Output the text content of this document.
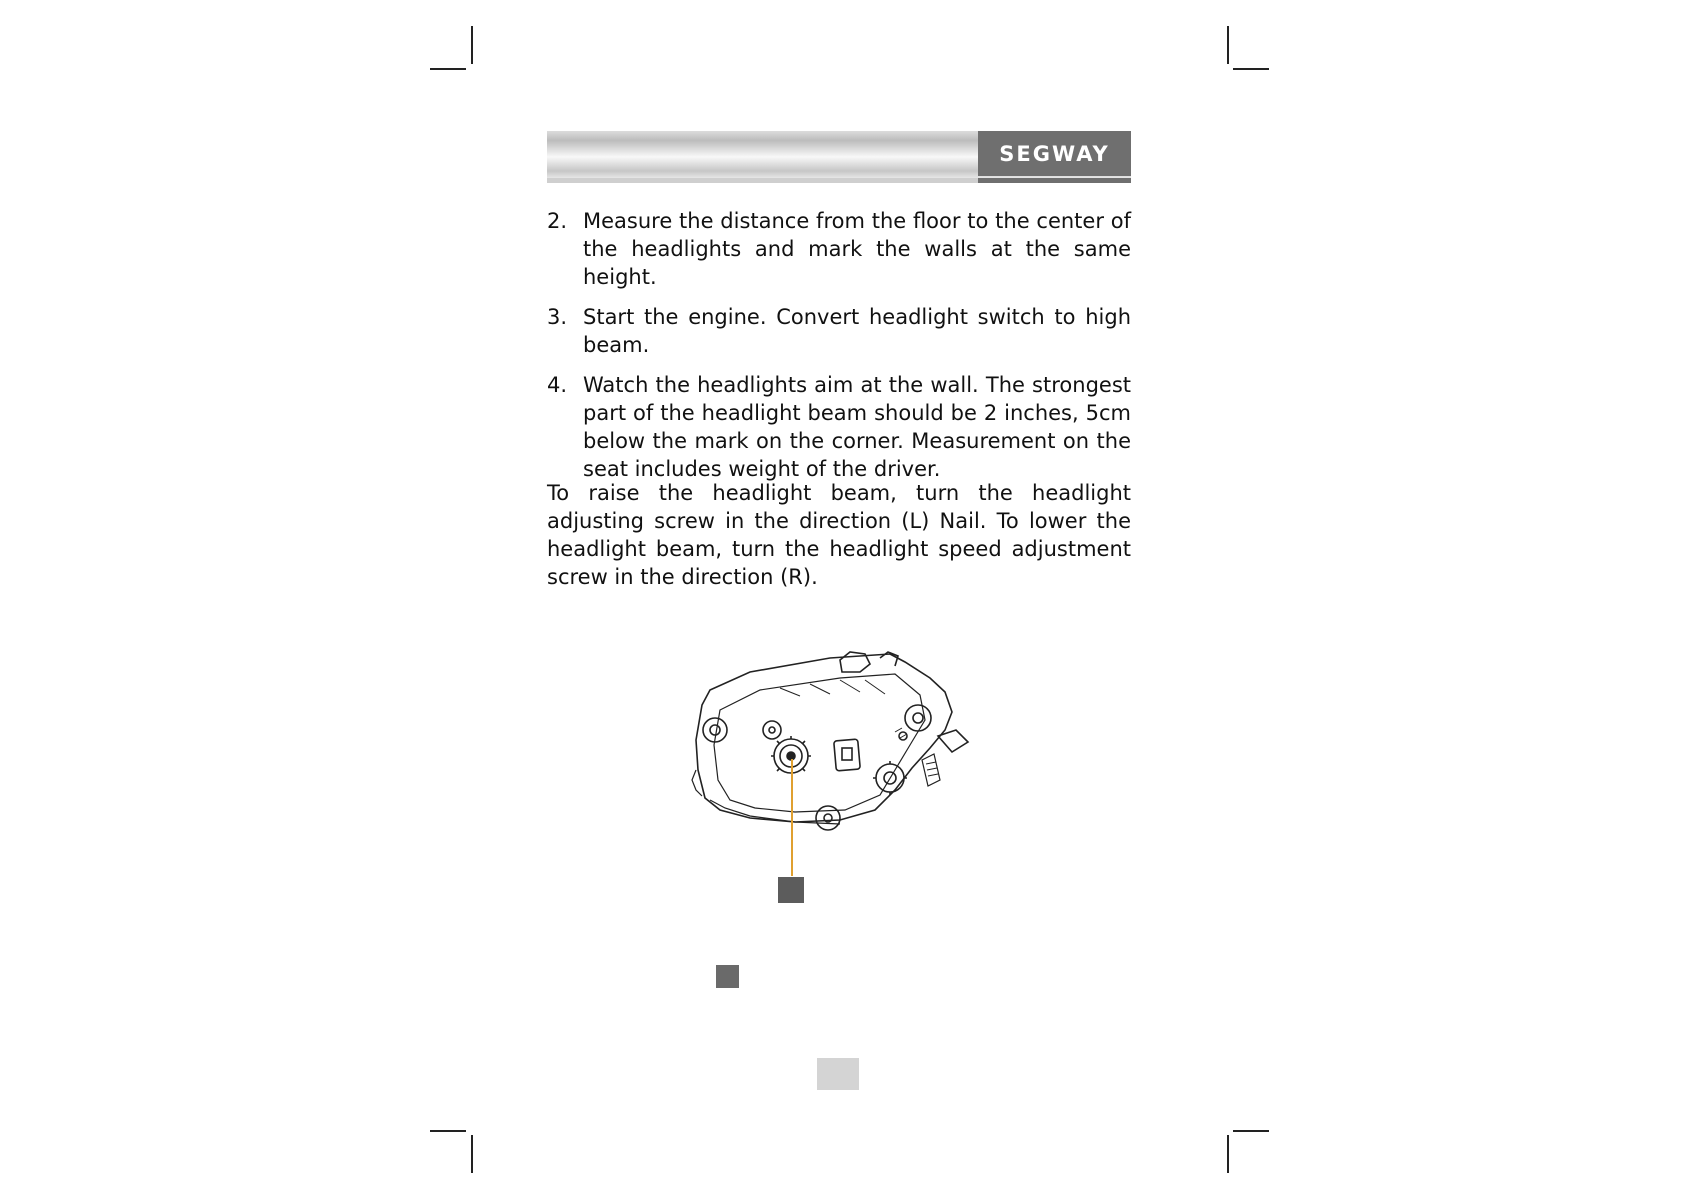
SEGWAY
2. Measure the distance from the floor to the center of the headlights and mark the walls at the same height.
3. Start the engine. Convert headlight switch to high beam.
4. Watch the headlights aim at the wall. The strongest part of the headlight beam should be 2 inches, 5cm below the mark on the corner. Measurement on the seat includes weight of the driver.
To raise the headlight beam, turn the headlight adjusting screw in the direction (L) Nail. To lower the headlight beam, turn the headlight speed adjustment screw in the direction (R).
